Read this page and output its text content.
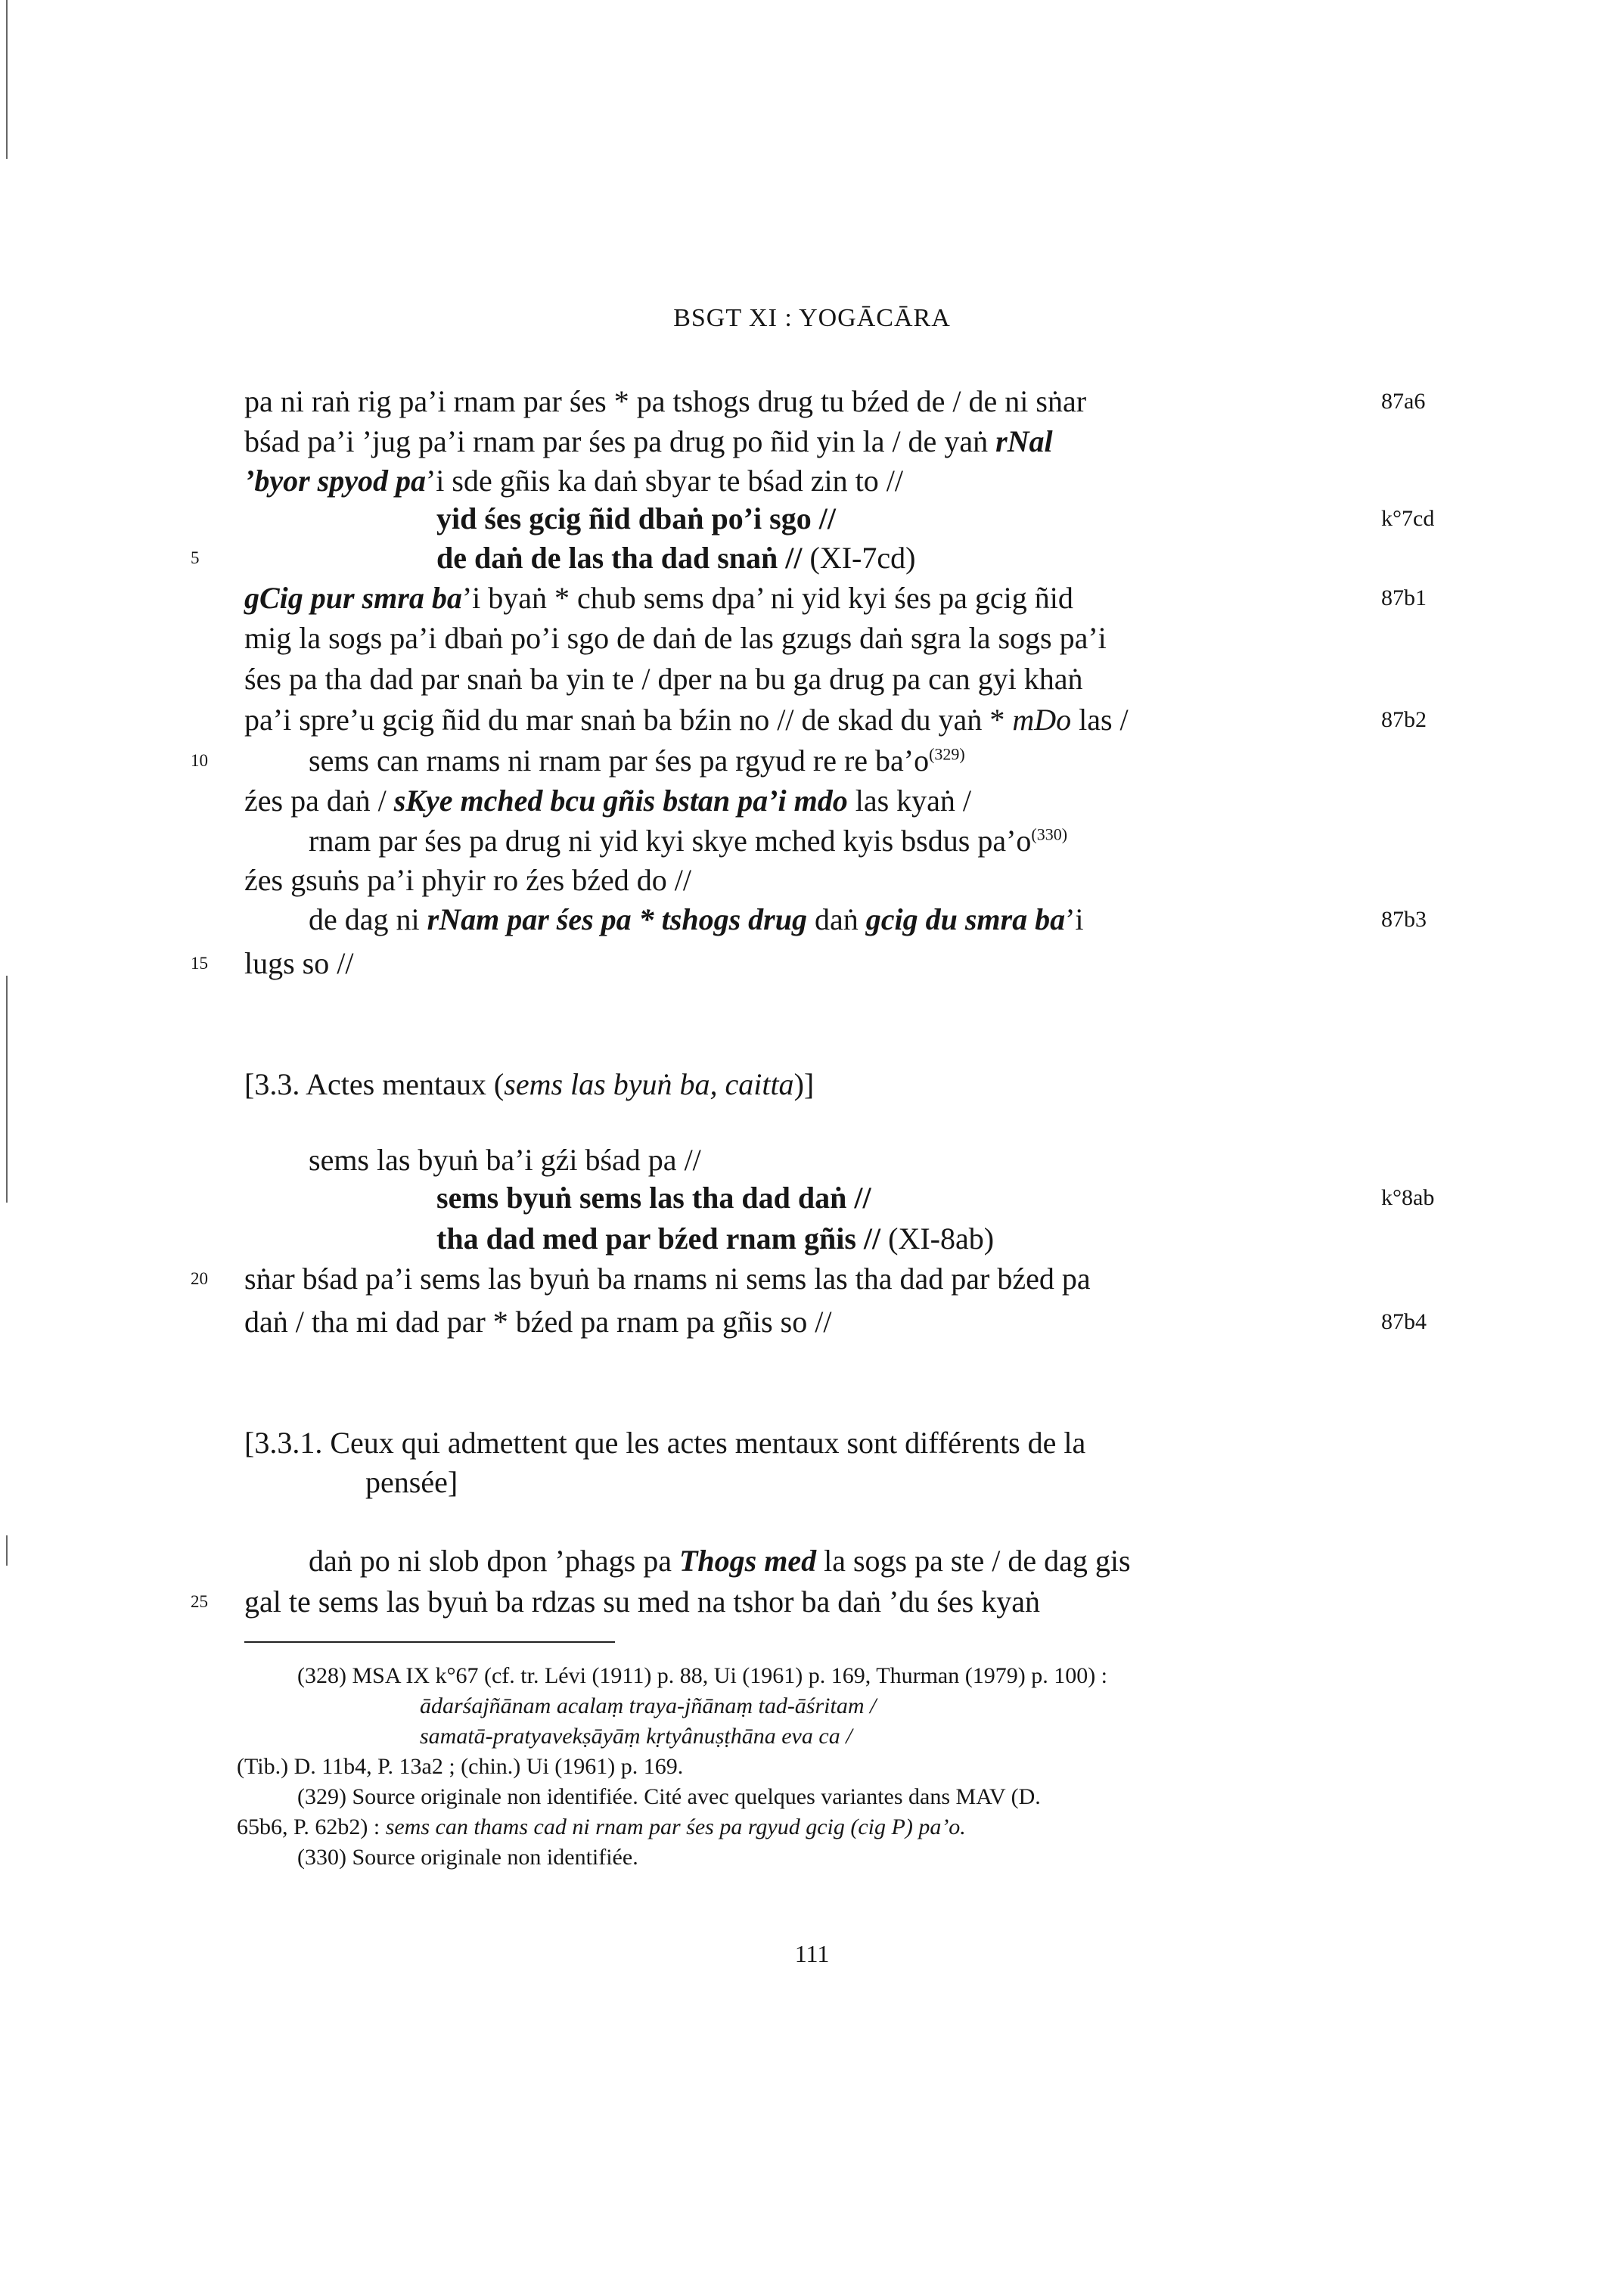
BSGT XI : YOGĀCĀRA
5
10
15
20
25
87a6
k°7cd
87b1
87b2
87b3
k°8ab
87b4
pa ni raṅ rig pa’i rnam par śes * pa tshogs drug tu bźed de / de ni sṅar
bśad pa’i ’jug pa’i rnam par śes pa drug po ñid yin la / de yaṅ rNal
’byor spyod pa’i sde gñis ka daṅ sbyar te bśad zin to //
yid śes gcig ñid dbaṅ po’i sgo //
de daṅ de las tha dad snaṅ // (XI-7cd)
gCig pur smra ba’i byaṅ * chub sems dpa’ ni yid kyi śes pa gcig ñid
mig la sogs pa’i dbaṅ po’i sgo de daṅ de las gzugs daṅ sgra la sogs pa’i
śes pa tha dad par snaṅ ba yin te / dper na bu ga drug pa can gyi khaṅ
pa’i spre’u gcig ñid du mar snaṅ ba bźin no // de skad du yaṅ * mDo las /
sems can rnams ni rnam par śes pa rgyud re re $ba’o^{(329)}$
źes pa daṅ / sKye mched bcu gñis bstan pa’i mdo las kyaṅ /
rnam par śes pa drug ni yid kyi skye mched kyis bsdus $pa’o^{(330)}$
źes gsuṅs pa’i phyir ro źes bźed do //
de dag ni rNam par śes pa * tshogs drug daṅ gcig du smra ba’i
lugs so //
[3.3. Actes mentaux (sems las byuṅ ba, caitta)]
sems las byuṅ ba’i gźi bśad pa //
sems byuṅ sems las tha dad daṅ //
tha dad med par bźed rnam gñis // (XI-8ab)
sṅar bśad pa’i sems las byuṅ ba rnams ni sems las tha dad par bźed pa
daṅ / tha mi dad par * bźed pa rnam pa gñis so //
[3.3.1. Ceux qui admettent que les actes mentaux sont différents de la
pensée]
daṅ po ni slob dpon ’phags pa Thogs med la sogs pa ste / de dag gis
gal te sems las byuṅ ba rdzas su med na tshor ba daṅ ’du śes kyaṅ
(328) MSA IX k°67 (cf. tr. Lévi (1911) p. 88, Ui (1961) p. 169, Thurman (1979) p. 100) :
ādarśajñānam acalaṃ traya-jñānaṃ tad-āśritam /
samatā-pratyavekṣāyāṃ kṛtyânuṣṭhāna eva ca /
(Tib.) D. 11b4, P. 13a2 ; (chin.) Ui (1961) p. 169.
(329) Source originale non identifiée. Cité avec quelques variantes dans MAV (D.
65b6, P. 62b2) : sems can thams cad ni rnam par śes pa rgyud gcig (cig P) pa’o.
(330) Source originale non identifiée.
111
